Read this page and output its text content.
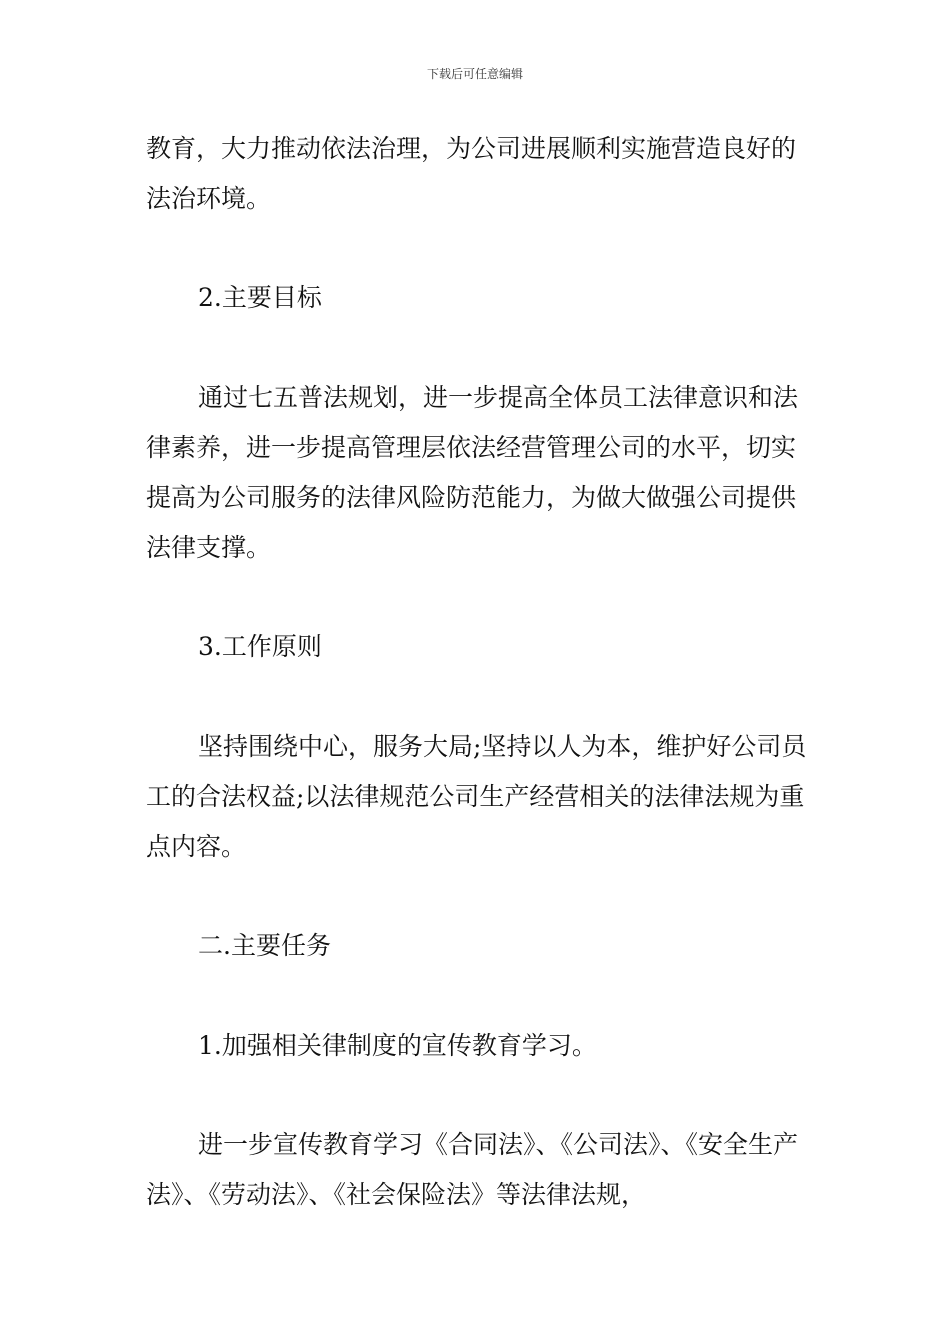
下载后可任意编辑

教育，大力推动依法治理，为公司进展顺利实施营造良好的法治环境。

2.主要目标

通过七五普法规划，进一步提高全体员工法律意识和法律素养，进一步提高管理层依法经营管理公司的水平，切实提高为公司服务的法律风险防范能力，为做大做强公司提供法律支撑。

3.工作原则

坚持围绕中心，服务大局;坚持以人为本，维护好公司员工的合法权益;以法律规范公司生产经营相关的法律法规为重点内容。

二.主要任务

1.加强相关律制度的宣传教育学习。

进一步宣传教育学习《合同法》、《公司法》、《安全生产法》、《劳动法》、《社会保险法》等法律法规，
